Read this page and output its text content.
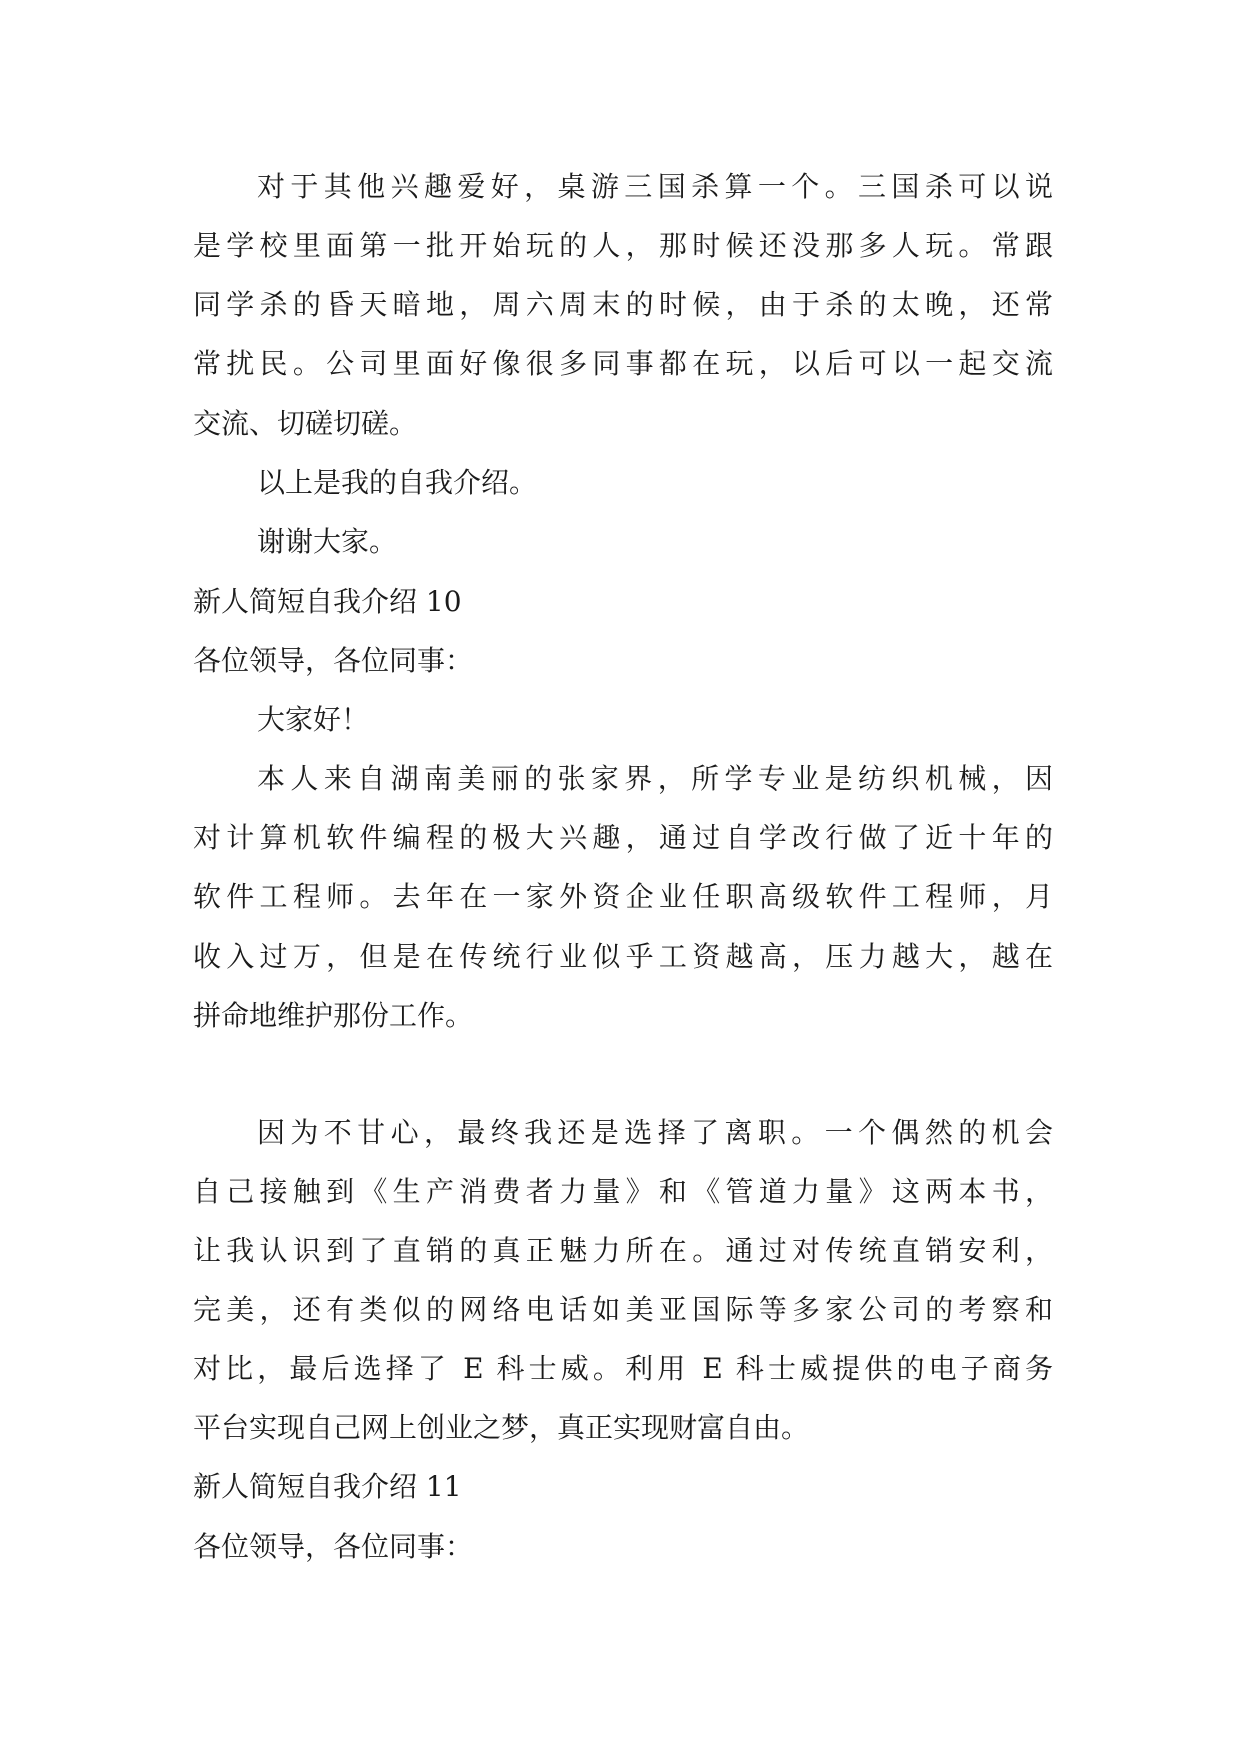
对于其他兴趣爱好，桌游三国杀算一个。三国杀可以说
是学校里面第一批开始玩的人，那时候还没那多人玩。常跟
同学杀的昏天暗地，周六周末的时候，由于杀的太晚，还常
常扰民。公司里面好像很多同事都在玩，以后可以一起交流
交流、切磋切磋。
以上是我的自我介绍。
谢谢大家。
新人简短自我介绍 10
各位领导，各位同事：
大家好！
本人来自湖南美丽的张家界，所学专业是纺织机械，因
对计算机软件编程的极大兴趣，通过自学改行做了近十年的
软件工程师。去年在一家外资企业任职高级软件工程师，月
收入过万，但是在传统行业似乎工资越高，压力越大，越在
拼命地维护那份工作。
因为不甘心，最终我还是选择了离职。一个偶然的机会
自己接触到《生产消费者力量》和《管道力量》这两本书，
让我认识到了直销的真正魅力所在。通过对传统直销安利，
完美，还有类似的网络电话如美亚国际等多家公司的考察和
对比，最后选择了 E 科士威。利用 E 科士威提供的电子商务
平台实现自己网上创业之梦，真正实现财富自由。
新人简短自我介绍 11
各位领导，各位同事：
